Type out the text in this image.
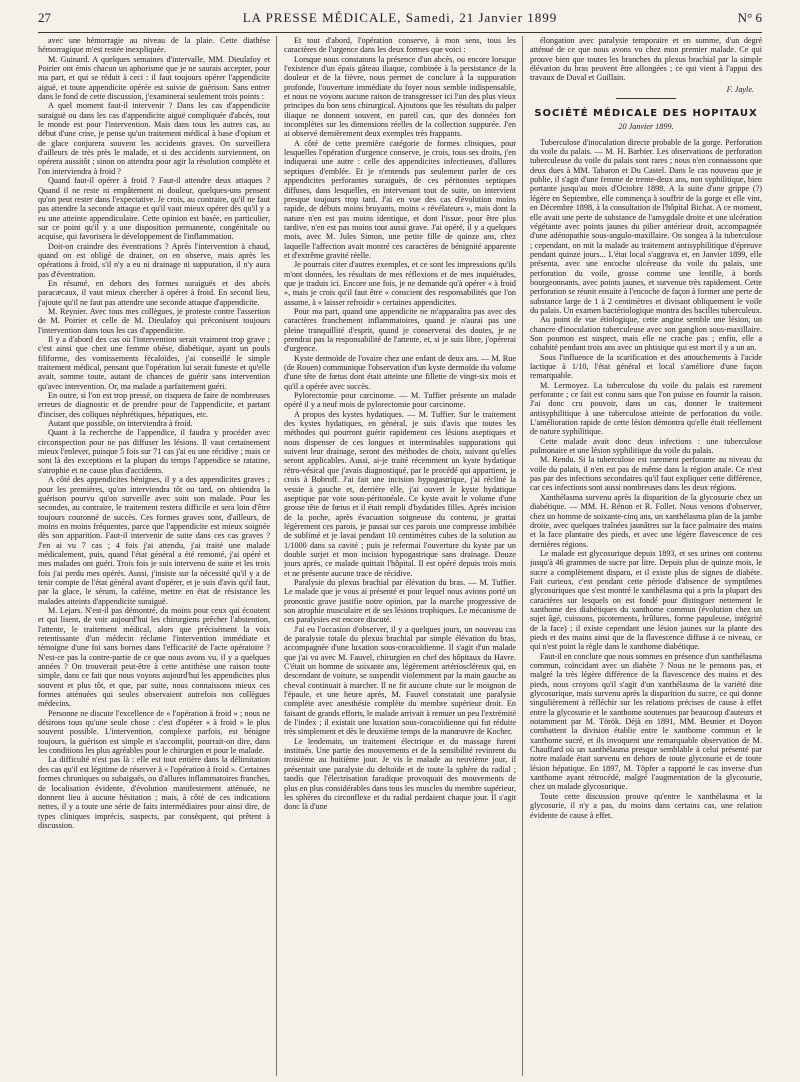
27	LA PRESSE MÉDICALE, Samedi, 21 Janvier 1899	N° 6

avec une hémorragie au niveau de la plaie. Cette diathèse hémorragique m'est restée inexpliquée.

M. Guinard. A quelques semaines d'intervalle, MM. Dieulafoy et Poirier ont émis chacun un aphorisme que je ne saurais accepter, pour ma part, et qui se réduit à ceci : il faut toujours opérer l'appendicite aiguë, et toute appendicite opérée est suivie de guérison. Sans entrer dans le fond de cette discussion, j'examinerai seulement trois points :

A quel moment faut-il intervenir ? Dans les cas d'appendicite suraiguë ou dans les cas d'appendicite aiguë compliquée d'abcès, tout le monde est pour l'intervention. Mais dans tous les autres cas, au début d'une crise, je pense qu'un traitement médical à base d'opium et de glace conjurera souvent les accidents graves. On surveillera d'ailleurs de très près le malade, et si des accidents surviennent, on opérera aussitôt ; sinon on attendra pour agir la résolution complète et l'on interviendra à froid ?

Quand faut-il opérer à froid ? Faut-il attendre deux attaques ? Quand il ne reste ni empâtement ni douleur, quelques-uns pensent qu'on peut rester dans l'expectative. Je crois, au contraire, qu'il ne faut pas attendre la seconde attaque et qu'il vaut mieux opérer dès qu'il y a eu une atteinte appendiculaire. Cette opinion est basée, en particulier, sur ce point qu'il y a une disposition permanente, congénitale ou acquise, qui favorisera le développement de l'inflammation.

Doit-on craindre des éventrations ? Après l'intervention à chaud, quand on est obligé de drainer, on en observe, mais après les opérations à froid, s'il n'y a eu ni drainage ni suppuration, il n'y aura pas d'éventration.

En résumé, en dehors des formes suraiguës et des abcès paracæcaux, il vaut mieux chercher à opérer à froid. En second lieu, j'ajoute qu'il ne faut pas attendre une seconde attaque d'appendicite.

M. Reynier. Avec tous mes collègues, je proteste contre l'assertion de M. Poirier et celle de M. Dieulafoy qui préconisent toujours l'intervention dans tous les cas d'appendicite.

Il y a d'abord des cas où l'intervention serait vraiment trop grave ; c'est ainsi que chez une femme obèse, diabétique, ayant un pouls filiforme, des vomissements fécaloïdes, j'ai conseillé le simple traitement médical, pensant que l'opération lui serait funeste et qu'elle avait, somme toute, autant de chances de guérir sans intervention qu'avec intervention. Or, ma malade a parfaitement guéri.

En outre, si l'on est trop pressé, on risquera de faire de nombreuses erreurs de diagnostic et de prendre pour de l'appendicite, et partant d'inciser, des coliques néphrétiques, hépatiques, etc.

Autant que possible, on interviendra à froid.

Quant à la recherche de l'appendice, il faudra y procéder avec circonspection pour ne pas diffuser les lésions. Il vaut certainement mieux l'enlever, puisque 5 fois sur 71 cas j'ai eu une récidive ; mais ce sont là des exceptions et la plupart du temps l'appendice se ratatine, s'atrophie et ne cause plus d'accidents.

A côté des appendicites bénignes, il y a des appendicites graves ; pour les premières, qu'on interviendra tôt ou tard, on obtiendra la guérison pourvu qu'on surveille avec soin son malade. Pour les secondes, au contraire, le traitement restera difficile et sera loin d'être toujours couronné de succès. Ces formes graves sont, d'ailleurs, de moins en moins fréquentes, parce que l'appendicite est mieux soignée dès son apparition. Faut-il intervenir de suite dans ces cas graves ? J'en ai vu 7 cas ; 4 fois j'ai attendu, j'ai traité une malade médicalement, puis, quand l'état général a été remonté, j'ai opéré et mes malades ont guéri. Trois fois je suis intervenu de suite et les trois fois j'ai perdu mes opérés. Aussi, j'insiste sur la nécessité qu'il y a de tenir compte de l'état général avant d'opérer, et je suis d'avis qu'il faut, par la glace, le sérum, la caféine, mettre en état de résistance les malades atteints d'appendicite suraiguë.

M. Lejars. N'est-il pas démontré, du moins pour ceux qui écoutent et qui lisent, de voir aujourd'hui les chirurgiens prêcher l'abstention, l'attente, le traitement médical, alors que précisément la voix retentissante d'un médecin réclame l'intervention immédiate et témoigne d'une foi sans bornes dans l'efficacité de l'acte opératoire ? N'est-ce pas la contre-partie de ce que nous avons vu, il y a quelques années ? On trouverait peut-être à cette antithèse une raison toute simple, dans ce fait que nous voyons aujourd'hui les appendicites plus souvent et plus tôt, et que, par suite, nous connaissons mieux ces formes atténuées qui seules observaient autrefois nos collègues médecins.

Personne ne discute l'excellence de « l'opération à froid » ; nous ne désirons tous qu'une seule chose : c'est d'opérer « à froid » le plus souvent possible. L'intervention, complexe parfois, est bénigne toujours, la guérison est simple et s'accomplit, pourrait-on dire, dans les conditions les plus agréables pour le chirurgien et pour le malade.

La difficulté n'est pas là : elle est tout entière dans la délimitation des cas qu'il est légitime de réserver à « l'opération à froid ». Certaines formes chroniques ou subaiguës, ou d'allures inflammatoires franches, de localisation évidente, d'évolution manifestement atténuée, ne donnent lieu à aucune hésitation ; mais, à côté de ces indications nettes, il y a toute une série de faits intermédiaires pour ainsi dire, de types cliniques imprécis, suspects, par conséquent, qui prêtent à discussion.

Et tout d'abord, l'opération conserve, à mon sens, tous les caractères de l'urgence dans les deux formes que voici :

Lorsque nous constatons la présence d'un abcès, ou encore lorsque l'existence d'un épais gâteau iliaque, combinée à la persistance de la douleur et de la fièvre, nous permet de conclure à la suppuration profonde, l'ouverture immédiate du foyer nous semble indispensable, et nous ne voyons aucune raison de transgresser ici l'un des plus vieux principes du bon sens chirurgical. Ajoutons que les résultats du palper iliaque ne donnent souvent, en pareil cas, que des données fort incomplètes sur les dimensions réelles de la collection suppurée. J'en ai observé dernièrement deux exemples très frappants.

A côté de cette première catégorie de formes cliniques, pour lesquelles l'opération d'urgence conserve, je crois, tous ses droits, j'en indiquerai une autre : celle des appendicites infectieuses, d'allures septiques d'emblée. Et je n'entends pas seulement parler de ces appendicites perforantes suraiguës, de ces péritonites septiques diffuses, dans lesquelles, en intervenant tout de suite, on intervient presque toujours trop tard. J'ai en vue des cas d'évolution moins rapide, de débuts moins bruyants, moins « révélateurs », mais dont la nature n'en est pas moins identique, et dont l'issue, pour être plus tardive, n'en est pas moins tout aussi grave. J'ai opéré, il y a quelques mois, avec M. Jules Simon, une petite fille de quinze ans, chez laquelle l'affection avait montré ces caractères de bénignité apparente et d'extrême gravité réelle.

Je pourrais citer d'autres exemples, et ce sont les impressions qu'ils m'ont données, les résultats de mes réflexions et de mes inquiétudes, que je traduis ici. Encore une fois, je ne demande qu'à opérer « à froid », mais je crois qu'il faut être « conscient des responsabilités que l'on assume, à « laisser refroidir » certaines appendicites.

Pour ma part, quand une appendicite ne m'apparaîtra pas avec des caractères franchement inflammatoires, quand je n'aurai pas une pleine tranquillité d'esprit, quand je conserverai des doutes, je ne prendrai pas la responsabilité de l'attente, et, si je suis libre, j'opérerai d'urgence.

Kyste dermoïde de l'ovaire chez une enfant de deux ans. — M. Rue (de Rouen) communique l'observation d'un kyste dermoïde du volume d'une tête de fœtus dont était atteinte une fillette de vingt-six mois et qu'il a opérée avec succès.

Pylorectomie pour carcinome. — M. Tuffier présente un malade opéré il y a neuf mois de pylorectomie pour carcinome.

A propos des kystes hydatiques. — M. Tuffier. Sur le traitement des kystes hydatiques, en général, je suis d'avis que toutes les méthodes qui pourront guérir rapidement ces lésions aseptiques et nous dispenser de ces longues et interminables suppurations qui suivent leur drainage, seront des méthodes de choix, suivant qu'elles seront applicables. Aussi, ai-je traité récemment un kyste hydatique rétro-vésical que j'avais diagnostiqué, par le procédé qui appartient, je crois à Bobroff. J'ai fait une incision hypogastrique, j'ai récliné la vessie à gauche et, derrière elle, j'ai ouvert le kyste hydatique aseptique par voie sous-péritonéale. Ce kyste avait le volume d'une grosse tête de fœtus et il était rempli d'hydatides filles. Après incision de la poche, après évacuation soigneuse du contenu, je grattai légèrement ces parois, je passai sur ces parois une compresse imbibée de sublimé et je lavai pendant 10 centimètres cubes de la solution au 1/1000 dans sa cavité ; puis je refermai l'ouverture du kyste par un double surjet et mon incision hypogastrique sans drainage. Douze jours après, ce malade quittait l'hôpital. Il est opéré depuis trois mois et ne présente aucune trace de récidive.

Paralysie du plexus brachial par élévation du bras. — M. Tuffier. Le malade que je vous ai présenté et pour lequel nous avions porté un pronostic grave justifie notre opinion, par la marche progressive de son atrophie musculaire et de ses lésions trophiques. Le mécanisme de ces paralysies est encore discuté.

J'ai eu l'occasion d'observer, il y a quelques jours, un nouveau cas de paralysie totale du plexus brachial par simple élévation du bras, accompagnée d'une luxation sous-coracoïdienne. Il s'agit d'un malade que j'ai vu avec M. Fauvel, chirurgien en chef des hôpitaux du Havre. C'était un homme de soixante ans, légèrement artérioscléreux qui, en descendant de voiture, se suspendit violemment par la main gauche au cheval continuait à marcher. Il ne fit aucune chute sur le moignon de l'épaule, et une heure après, M. Fauvel constatait une paralysie complète avec anesthésie complète du membre supérieur droit. En faisant de grands efforts, le malade arrivait à remuer un peu l'extrémité de l'index ; il existait une luxation sous-coracoïdienne qui fut réduite très simplement et dès le deuxième temps de la manœuvre de Kocher.

Le lendemain, un traitement électrique et du massage furent institués. Une partie des mouvements et de la sensibilité revinrent du troisième au huitième jour. Je vis le malade au neuvième jour, il présentait une paralysie du deltoïde et de toute la sphère du radial ; tandis que l'électrisation faradique provoquait des mouvements de plus en plus considérables dans tous les muscles du membre supérieur, les sphères du circonflexe et du radial perdaient chaque jour. Il s'agit donc là d'une

élongation avec paralysie temporaire et en somme, d'un degré atténué de ce que nous avons vu chez mon premier malade. Ce qui prouve bien que toutes les branches du plexus brachial par la simple élévation du bras peuvent être allongées ; ce qui vient à l'appui des travaux de Duval et Guillain.

F. Jayle.
SOCIÉTÉ MÉDICALE DES HOPITAUX
20 Janvier 1899.

Tuberculose d'inoculation directe probable de la gorge. Perforation du voile du palais. — M. H. Barbier. Les observations de perforation tuberculeuse du voile du palais sont rares ; nous n'en connaissons que deux dues à MM. Tabaron et Du Castel. Dans le cas nouveau que je publie, il s'agit d'une femme de trente-deux ans, non syphilitique, bien portante jusqu'au mois d'Octobre 1898. A la suite d'une grippe (?) légère en Septembre, elle commença à souffrir de la gorge et elle vint, en Décembre 1898, à la consultation de l'hôpital Bichat. A ce moment, elle avait une perte de substance de l'amygdale droite et une ulcération végétante avec points jaunes du pilier antérieur droit, accompagnée d'une adénopathie sous-angulo-maxillaire. On songea à la tuberculose ; cependant, on mit la malade au traitement antisyphilitique d'épreuve pendant quinze jours... L'état local s'aggrava et, en Janvier 1899, elle présenta, avec une encoche ulcéreuse du voile du palais, une perforation du voile, grosse comme une lentille, à bords bourgeonnants, avec points jaunes, et survenue très rapidement. Cette perforation se réunit ensuite à l'encoche de façon à former une perte de substance large de 1 à 2 centimètres et divisant obliquement le voile du palais. Un examen bactériologique montra des bacilles tuberculeux.

Au point de vue étiologique, cette angine semble une lésion, un chancre d'inoculation tuberculeuse avec son ganglion sous-maxillaire. Son poumon est suspect, mais elle ne crache pas ; enfin, elle a cohabité pendant trois ans avec un phtisique qui est mort il y a un an.

Sous l'influence de la scarification et des attouchements à l'acide lactique à 1/10, l'état général et local s'améliore d'une façon remarquable.

M. Lermoyez. La tuberculose du voile du palais est rarement perforante ; ce fait est connu sans que l'on puisse en fournir la raison. J'ai donc cru pouvoir, dans un cas, donner le traitement antisyphilitique à une tuberculose atteinte de perforation du voile. L'amélioration rapide de cette lésion démontra qu'elle était réellement de nature syphilitique.

Cette malade avait donc deux infections : une tuberculose pulmonaire et une lésion syphilitique du voile du palais.

M. Rendu. Si la tuberculose est rarement perforante au niveau du voile du palais, il n'en est pas de même dans la région anale. Ce n'est pas par des infections secondaires qu'il faut expliquer cette différence, car ces infections sont aussi nombreuses dans les deux régions.

Xanthélasma survenu après la disparition de la glycosurie chez un diabétique. — MM. H. Rénon et R. Follet. Nous venons d'observer, chez un homme de soixante-cinq ans, un xanthélasma plan de la jambe droite, avec quelques traînées jaunâtres sur la face palmaire des mains et la face plantaire des pieds, et avec une légère flavescence de ces dernières régions.

Le malade est glycosurique depuis 1893, et ses urines ont contenu jusqu'à 46 grammes de sucre par litre. Depuis plus de quinze mois, le sucre a complètement disparu, et il existe plus de signes de diabète. Fait curieux, c'est pendant cette période d'absence de symptômes glycosuriques que s'est montré le xanthélasma qui a pris la plupart des caractères sur lesquels on est fondé pour distinguer nettement le xanthome des diabétiques du xanthome commun (évolution chez un sujet âgé, cuissons, picotements, brûlures, forme papuleuse, intégrité de la face) ; il existe cependant une lésion jaunes sur la plante des pieds et des mains ainsi que de la flavescence diffuse à ce niveau, ce qui n'est point la règle dans le xanthome diabétique.

Faut-il en conclure que nous sommes en présence d'un xanthélasma commun, coïncidant avec un diabète ? Nous ne le pensons pas, et malgré la très légère différence de la flavescence des mains et des pieds, nous croyons qu'il s'agit d'un xanthélasma de la variété dite glycosurique, mais survenu après la disparition du sucre, ce qui donne singulièrement à réfléchir sur les relations précises de cause à effet entre la glycosurie et le xanthome soutenues par beaucoup d'auteurs et notamment par M. Török. Déjà en 1891, MM. Besnier et Doyon combattent la division établie entre le xanthome commun et le xanthome sucré, et ils invoquent une remarquable observation de M. Chauffard où un xanthélasma presque semblable à celui présenté par notre malade était survenu en dehors de toute glycosurie et de toute lésion hépatique. En 1897, M. Töpfer a rapporté le cas inverse d'un xanthome ayant rétrocédé, malgré l'augmentation de la glycosurie, chez un malade glycosurique.

Toute cette discussion prouve qu'entre le xanthélasma et la glycosurie, il n'y a pas, du moins dans certains cas, une relation évidente de cause à effet.
